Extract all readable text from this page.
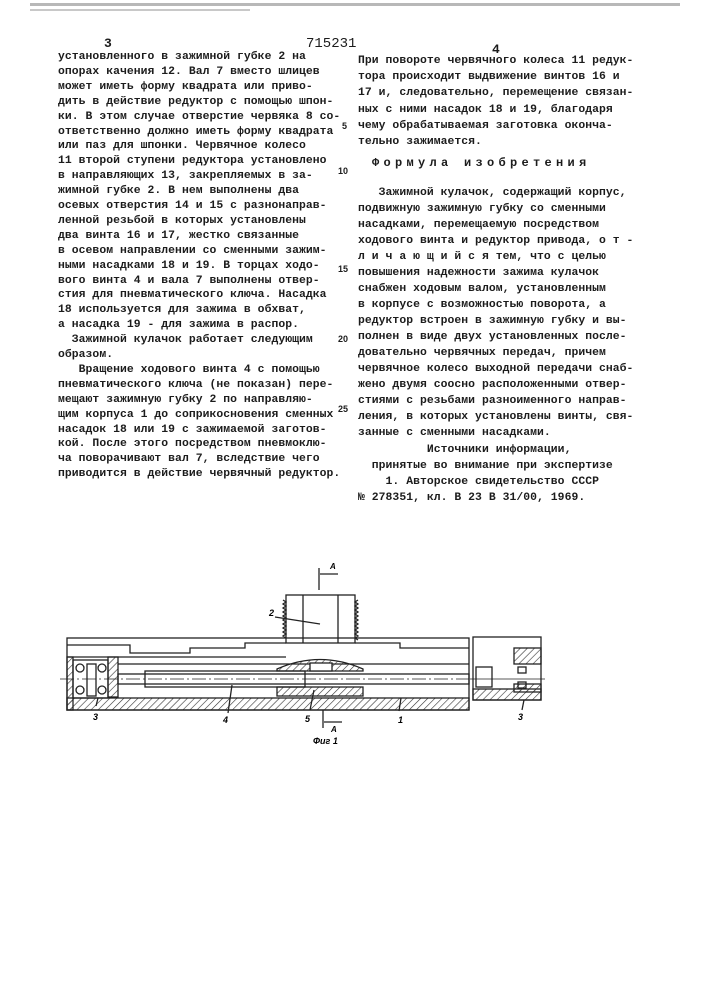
3	715231	4
установленного в зажимной губке 2 на
опорах качения 12. Вал 7 вместо шлицев
может иметь форму квадрата или приво-
дить в действие редуктор с помощью шпон-
ки. В этом случае отверстие червяка 8 со-
ответственно должно иметь форму квадрата
или паз для шпонки. Червячное колесо
11 второй ступени редуктора установлено
в направляющих 13, закрепляемых в за-
жимной губке 2. В нем выполнены два
осевых отверстия 14 и 15 с разнонаправ-
ленной резьбой в которых установлены
два винта 16 и 17, жестко связанные
в осевом направлении со сменными зажим-
ными насадками 18 и 19. В торцах ходо-
вого винта 4 и вала 7 выполнены отвер-
стия для пневматического ключа. Насадка
18 используется для зажима в обхват,
а насадка 19 - для зажима в распор.
Зажимной кулачок работает следующим
образом.
Вращение ходового винта 4 с помощью
пневматического ключа (не показан) пере-
мещают зажимную губку 2 по направляю-
щим корпуса 1 до соприкосновения сменных
насадок 18 или 19 с зажимаемой заготов-
кой. После этого посредством пневмоклю-
ча поворачивают вал 7, вследствие чего
приводится в действие червячный редуктор.
5
10
15
20
25
Формула изобретения
При повороте червячного колеса 11 редук-
тора происходит выдвижение винтов 16 и
17 и, следовательно, перемещение связан-
ных с ними насадок 18 и 19, благодаря
чему обрабатываемая заготовка оконча-
тельно зажимается.
Зажимной кулачок, содержащий корпус,
подвижную зажимную губку со сменными
насадками, перемещаемую посредством
ходового винта и редуктор привода, о т -
л и ч а ю щ и й с я тем, что с целью
повышения надежности зажима кулачок
снабжен ходовым валом, установленным
в корпусе с возможностью поворота, а
редуктор встроен в зажимную губку и вы-
полнен в виде двух установленных после-
довательно червячных передач, причем
червячное колесо выходной передачи снаб-
жено двумя соосно расположенными отвер-
стиями с резьбами разноименного направ-
ления, в которых установлены винты, свя-
занные с сменными насадками.
Источники информации,
принятые во внимание при экспертизе
1. Авторское свидетельство СССР
№ 278351, кл. В 23 В 31/00, 1969.
2
3	4	5	1	3
A
A
Фиг 1
